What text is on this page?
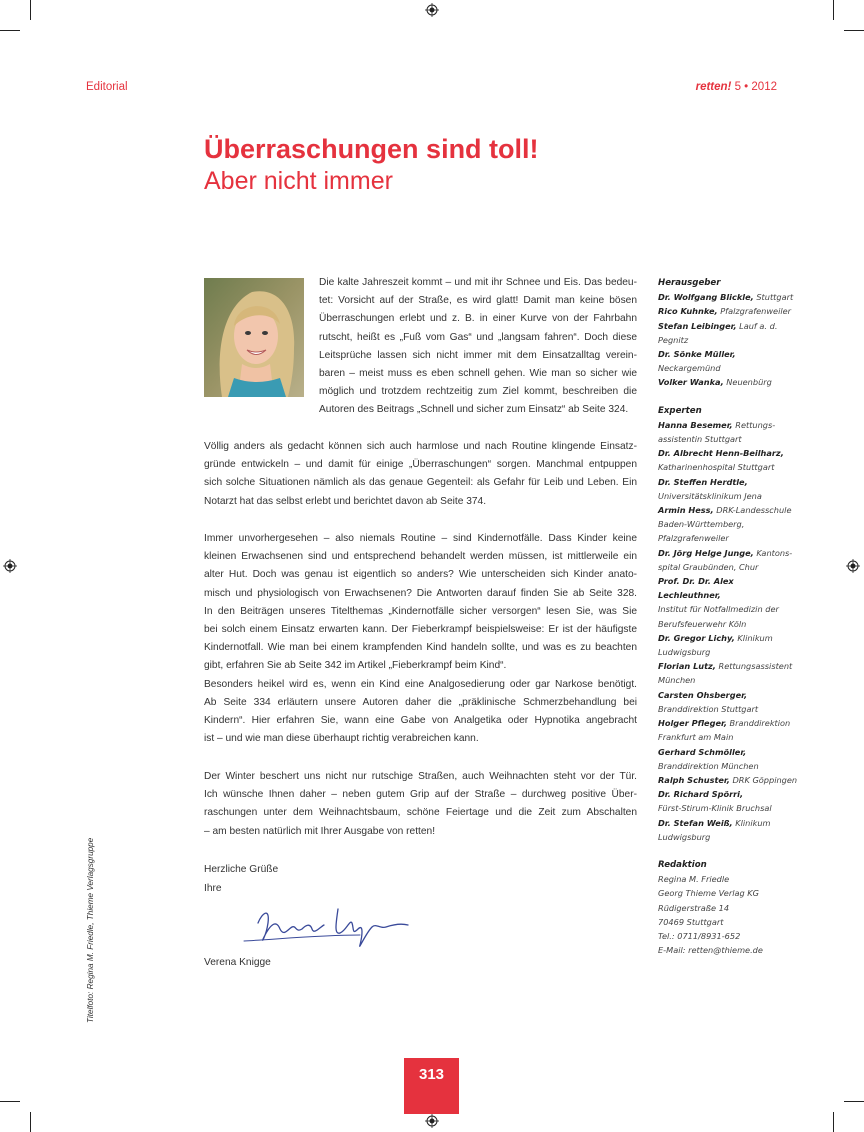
Editorial	retten! 5 • 2012
Überraschungen sind toll!
Aber nicht immer

Die kalte Jahreszeit kommt – und mit ihr Schnee und Eis. Das bedeu-

tet: Vorsicht auf der Straße, es wird glatt! Damit man keine bösen

Überraschungen erlebt und z. B. in einer Kurve von der Fahrbahn

rutscht, heißt es „Fuß vom Gas“ und „langsam fahren“. Doch diese

Leitsprüche lassen sich nicht immer mit dem Einsatzalltag verein-

baren – meist muss es eben schnell gehen. Wie man so sicher wie

möglich und trotzdem rechtzeitig zum Ziel kommt, beschreiben die

Autoren des Beitrags „Schnell und sicher zum Einsatz“ ab Seite 324.

Völlig anders als gedacht können sich auch harmlose und nach Routine klingende Einsatz-

gründe entwickeln – und damit für einige „Überraschungen“ sorgen. Manchmal entpuppen

sich solche Situationen nämlich als das genaue Gegenteil: als Gefahr für Leib und Leben. Ein

Notarzt hat das selbst erlebt und berichtet davon ab Seite 374.

Immer unvorhergesehen – also niemals Routine – sind Kindernotfälle. Dass Kinder keine

kleinen Erwachsenen sind und entsprechend behandelt werden müssen, ist mittlerweile ein

alter Hut. Doch was genau ist eigentlich so anders? Wie unterscheiden sich Kinder anato-

misch und physiologisch von Erwachsenen? Die Antworten darauf finden Sie ab Seite 328.

In den Beiträgen unseres Titelthemas „Kindernotfälle sicher versorgen“ lesen Sie, was Sie

bei solch einem Einsatz erwarten kann. Der Fieberkrampf beispielsweise: Er ist der häufigste

Kindernotfall. Wie man bei einem krampfenden Kind handeln sollte, und was es zu beachten

gibt, erfahren Sie ab Seite 342 im Artikel „Fieberkrampf beim Kind“.

Besonders heikel wird es, wenn ein Kind eine Analgosedierung oder gar Narkose benötigt.

Ab Seite 334 erläutern unsere Autoren daher die „präklinische Schmerzbehandlung bei

Kindern“. Hier erfahren Sie, wann eine Gabe von Analgetika oder Hypnotika angebracht

ist – und wie man diese überhaupt richtig verabreichen kann.

Der Winter beschert uns nicht nur rutschige Straßen, auch Weihnachten steht vor der Tür.

Ich wünsche Ihnen daher – neben gutem Grip auf der Straße – durchweg positive Über-

raschungen unter dem Weihnachtsbaum, schöne Feiertage und die Zeit zum Abschalten

– am besten natürlich mit Ihrer Ausgabe von retten!

Herzliche Grüße
Ihre
Verena Knigge
Herausgeber
Dr. Wolfgang Blickle, Stuttgart
Rico Kuhnke, Pfalzgrafenweiler
Stefan Leibinger, Lauf a. d.
Pegnitz
Dr. Sönke Müller, Neckargemünd
Volker Wanka, Neuenbürg
Experten
Hanna Besemer, Rettungs-
assistentin Stuttgart
Dr. Albrecht Henn-Beilharz,
Katharinenhospital Stuttgart
Dr. Steffen Herdtle,
Universitätsklinikum Jena
Armin Hess, DRK-Landesschule
Baden-Württemberg,
Pfalzgrafenweiler
Dr. Jörg Helge Junge, Kantons-
spital Graubünden, Chur
Prof. Dr. Dr. Alex Lechleuthner,
Institut für Notfallmedizin der
Berufsfeuerwehr Köln
Dr. Gregor Lichy, Klinikum
Ludwigsburg
Florian Lutz, Rettungsassistent
München
Carsten Ohsberger,
Branddirektion Stuttgart
Holger Pfleger, Branddirektion
Frankfurt am Main
Gerhard Schmöller,
Branddirektion München
Ralph Schuster, DRK Göppingen
Dr. Richard Spörri,
Fürst-Stirum-Klinik Bruchsal
Dr. Stefan Weiß, Klinikum
Ludwigsburg
Redaktion
Regina M. Friedle
Georg Thieme Verlag KG
Rüdigerstraße 14
70469 Stuttgart
Tel.: 0711/8931-652
E-Mail: retten@thieme.de
Titelfoto: Regina M. Friedle, Thieme Verlagsgruppe
313
